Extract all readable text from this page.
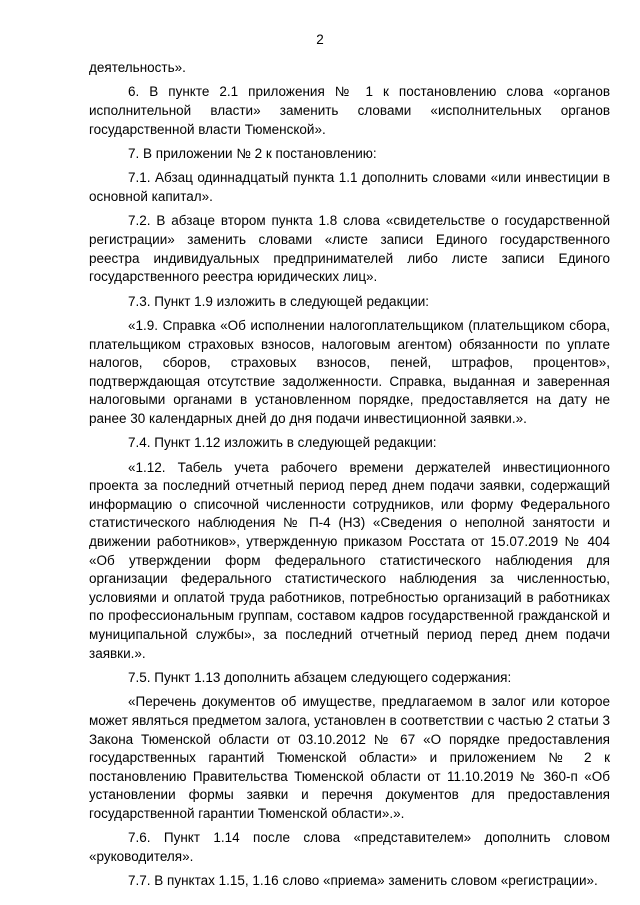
2

деятельность».

6. В пункте 2.1 приложения № 1 к постановлению слова «органов исполнительной власти» заменить словами «исполнительных органов государственной власти Тюменской».

7. В приложении № 2 к постановлению:

7.1. Абзац одиннадцатый пункта 1.1 дополнить словами «или инвестиции в основной капитал».

7.2. В абзаце втором пункта 1.8 слова «свидетельстве о государственной регистрации» заменить словами «листе записи Единого государственного реестра индивидуальных предпринимателей либо листе записи Единого государственного реестра юридических лиц».

7.3. Пункт 1.9 изложить в следующей редакции:

«1.9. Справка «Об исполнении налогоплательщиком (плательщиком сбора, плательщиком страховых взносов, налоговым агентом) обязанности по уплате налогов, сборов, страховых взносов, пеней, штрафов, процентов», подтверждающая отсутствие задолженности. Справка, выданная и заверенная налоговыми органами в установленном порядке, предоставляется на дату не ранее 30 календарных дней до дня подачи инвестиционной заявки.».

7.4. Пункт 1.12 изложить в следующей редакции:

«1.12. Табель учета рабочего времени держателей инвестиционного проекта за последний отчетный период перед днем подачи заявки, содержащий информацию о списочной численности сотрудников, или форму Федерального статистического наблюдения № П-4 (НЗ) «Сведения о неполной занятости и движении работников», утвержденную приказом Росстата от 15.07.2019 № 404 «Об утверждении форм федерального статистического наблюдения для организации федерального статистического наблюдения за численностью, условиями и оплатой труда работников, потребностью организаций в работниках по профессиональным группам, составом кадров государственной гражданской и муниципальной службы», за последний отчетный период перед днем подачи заявки.».

7.5. Пункт 1.13 дополнить абзацем следующего содержания:

«Перечень документов об имуществе, предлагаемом в залог или которое может являться предметом залога, установлен в соответствии с частью 2 статьи 3 Закона Тюменской области от 03.10.2012 № 67 «О порядке предоставления государственных гарантий Тюменской области» и приложением № 2 к постановлению Правительства Тюменской области от 11.10.2019 № 360-п «Об установлении формы заявки и перечня документов для предоставления государственной гарантии Тюменской области».».

7.6. Пункт 1.14 после слова «представителем» дополнить словом «руководителя».

7.7. В пунктах 1.15, 1.16 слово «приема» заменить словом «регистрации».
